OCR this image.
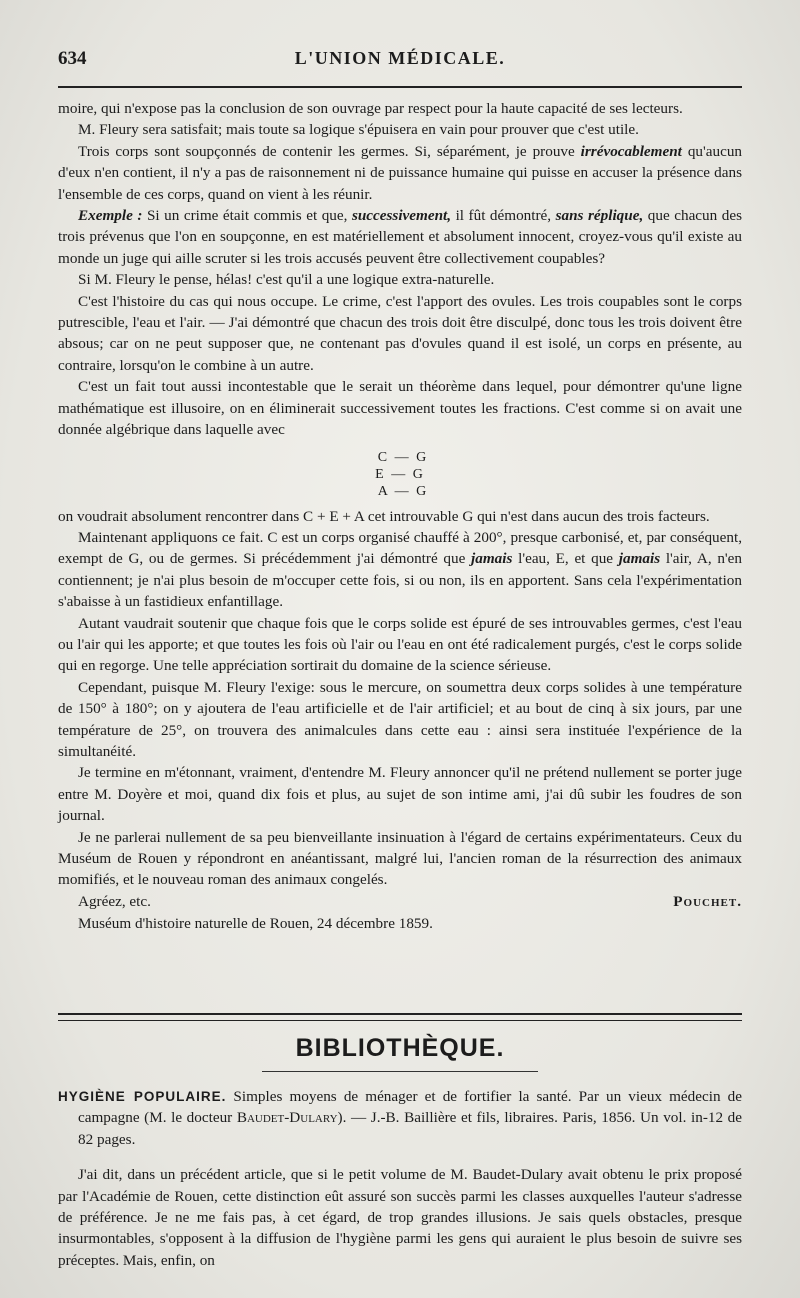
634	L'UNION MÉDICALE.

moire, qui n'expose pas la conclusion de son ouvrage par respect pour la haute capacité de ses lecteurs.

M. Fleury sera satisfait; mais toute sa logique s'épuisera en vain pour prouver que c'est utile.

Trois corps sont soupçonnés de contenir les germes. Si, séparément, je prouve irrévocablement qu'aucun d'eux n'en contient, il n'y a pas de raisonnement ni de puissance humaine qui puisse en accuser la présence dans l'ensemble de ces corps, quand on vient à les réunir.

Exemple : Si un crime était commis et que, successivement, il fût démontré, sans réplique, que chacun des trois prévenus que l'on en soupçonne, en est matériellement et absolument innocent, croyez-vous qu'il existe au monde un juge qui aille scruter si les trois accusés peuvent être collectivement coupables?

Si M. Fleury le pense, hélas! c'est qu'il a une logique extra-naturelle.

C'est l'histoire du cas qui nous occupe. Le crime, c'est l'apport des ovules. Les trois coupables sont le corps putrescible, l'eau et l'air. — J'ai démontré que chacun des trois doit être disculpé, donc tous les trois doivent être absous; car on ne peut supposer que, ne contenant pas d'ovules quand il est isolé, un corps en présente, au contraire, lorsqu'on le combine à un autre.

C'est un fait tout aussi incontestable que le serait un théorème dans lequel, pour démontrer qu'une ligne mathématique est illusoire, on en éliminerait successivement toutes les fractions. C'est comme si on avait une donnée algébrique dans laquelle avec

C — G
E — G
A — G

on voudrait absolument rencontrer dans C + E + A cet introuvable G qui n'est dans aucun des trois facteurs.

Maintenant appliquons ce fait. C est un corps organisé chauffé à 200°, presque carbonisé, et, par conséquent, exempt de G, ou de germes. Si précédemment j'ai démontré que jamais l'eau, E, et que jamais l'air, A, n'en contiennent; je n'ai plus besoin de m'occuper cette fois, si ou non, ils en apportent. Sans cela l'expérimentation s'abaisse à un fastidieux enfantillage.

Autant vaudrait soutenir que chaque fois que le corps solide est épuré de ses introuvables germes, c'est l'eau ou l'air qui les apporte; et que toutes les fois où l'air ou l'eau en ont été radicalement purgés, c'est le corps solide qui en regorge. Une telle appréciation sortirait du domaine de la science sérieuse.

Cependant, puisque M. Fleury l'exige: sous le mercure, on soumettra deux corps solides à une température de 150° à 180°; on y ajoutera de l'eau artificielle et de l'air artificiel; et au bout de cinq à six jours, par une température de 25°, on trouvera des animalcules dans cette eau : ainsi sera instituée l'expérience de la simultanéité.

Je termine en m'étonnant, vraiment, d'entendre M. Fleury annoncer qu'il ne prétend nullement se porter juge entre M. Doyère et moi, quand dix fois et plus, au sujet de son intime ami, j'ai dû subir les foudres de son journal.

Je ne parlerai nullement de sa peu bienveillante insinuation à l'égard de certains expérimentateurs. Ceux du Muséum de Rouen y répondront en anéantissant, malgré lui, l'ancien roman de la résurrection des animaux momifiés, et le nouveau roman des animaux congelés.

Agréez, etc.	Pouchet.

Muséum d'histoire naturelle de Rouen, 24 décembre 1859.

BIBLIOTHÈQUE.

HYGIÈNE POPULAIRE. Simples moyens de ménager et de fortifier la santé. Par un vieux médecin de campagne (M. le docteur Baudet-Dulary). — J.-B. Baillière et fils, libraires. Paris, 1856. Un vol. in-12 de 82 pages.

J'ai dit, dans un précédent article, que si le petit volume de M. Baudet-Dulary avait obtenu le prix proposé par l'Académie de Rouen, cette distinction eût assuré son succès parmi les classes auxquelles l'auteur s'adresse de préférence. Je ne me fais pas, à cet égard, de trop grandes illusions. Je sais quels obstacles, presque insurmontables, s'opposent à la diffusion de l'hygiène parmi les gens qui auraient le plus besoin de suivre ses préceptes. Mais, enfin, on
